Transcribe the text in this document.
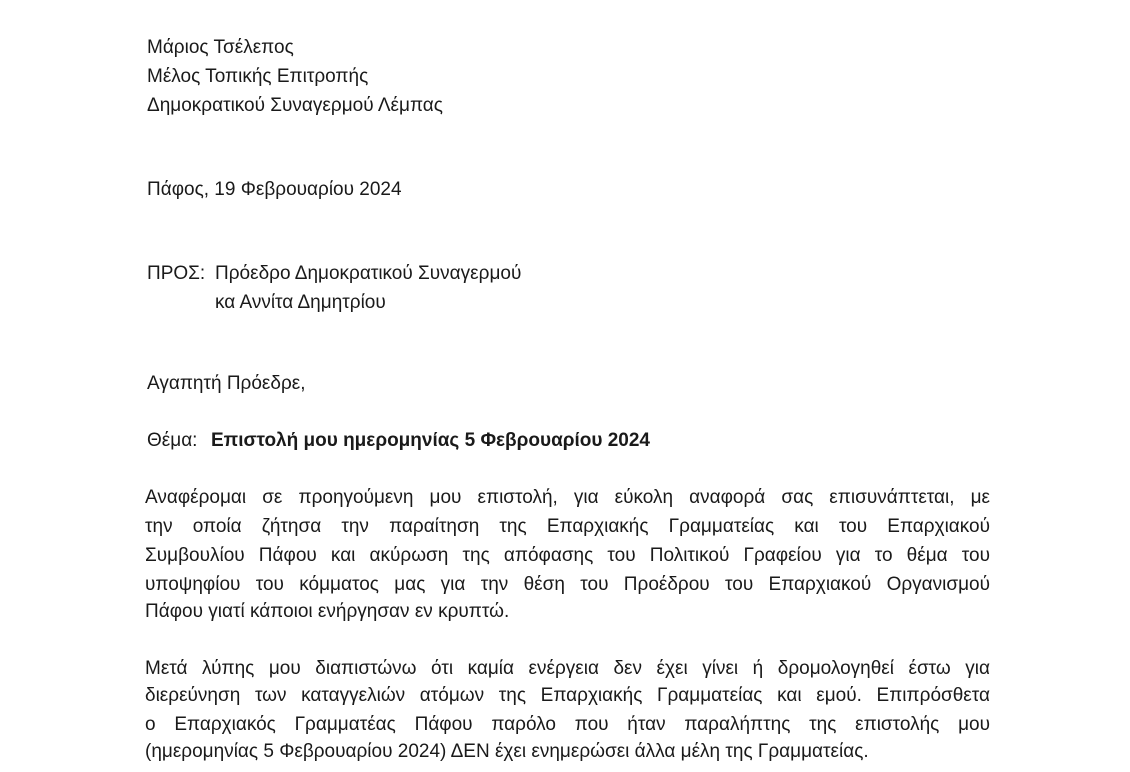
Μάριος Τσέλεπος
Μέλος Τοπικής Επιτροπής
Δημοκρατικού Συναγερμού Λέμπας
Πάφος, 19 Φεβρουαρίου 2024
ΠΡΟΣ: Πρόεδρο Δημοκρατικού Συναγερμού
κα Αννίτα Δημητρίου
Αγαπητή Πρόεδρε,
Θέμα: Επιστολή μου ημερομηνίας 5 Φεβρουαρίου 2024
Αναφέρομαι σε προηγούμενη μου επιστολή, για εύκολη αναφορά σας επισυνάπτεται, με
την οποία ζήτησα την παραίτηση της Επαρχιακής Γραμματείας και του Επαρχιακού
Συμβουλίου Πάφου και ακύρωση της απόφασης του Πολιτικού Γραφείου για το θέμα του
υποψηφίου του κόμματος μας για την θέση του Προέδρου του Επαρχιακού Οργανισμού
Πάφου γιατί κάποιοι ενήργησαν εν κρυπτώ.
Μετά λύπης μου διαπιστώνω ότι καμία ενέργεια δεν έχει γίνει ή δρομολογηθεί έστω για
διερεύνηση των καταγγελιών ατόμων της Επαρχιακής Γραμματείας και εμού. Επιπρόσθετα
ο Επαρχιακός Γραμματέας Πάφου παρόλο που ήταν παραλήπτης της επιστολής μου
(ημερομηνίας 5 Φεβρουαρίου 2024) ΔΕΝ έχει ενημερώσει άλλα μέλη της Γραμματείας.
